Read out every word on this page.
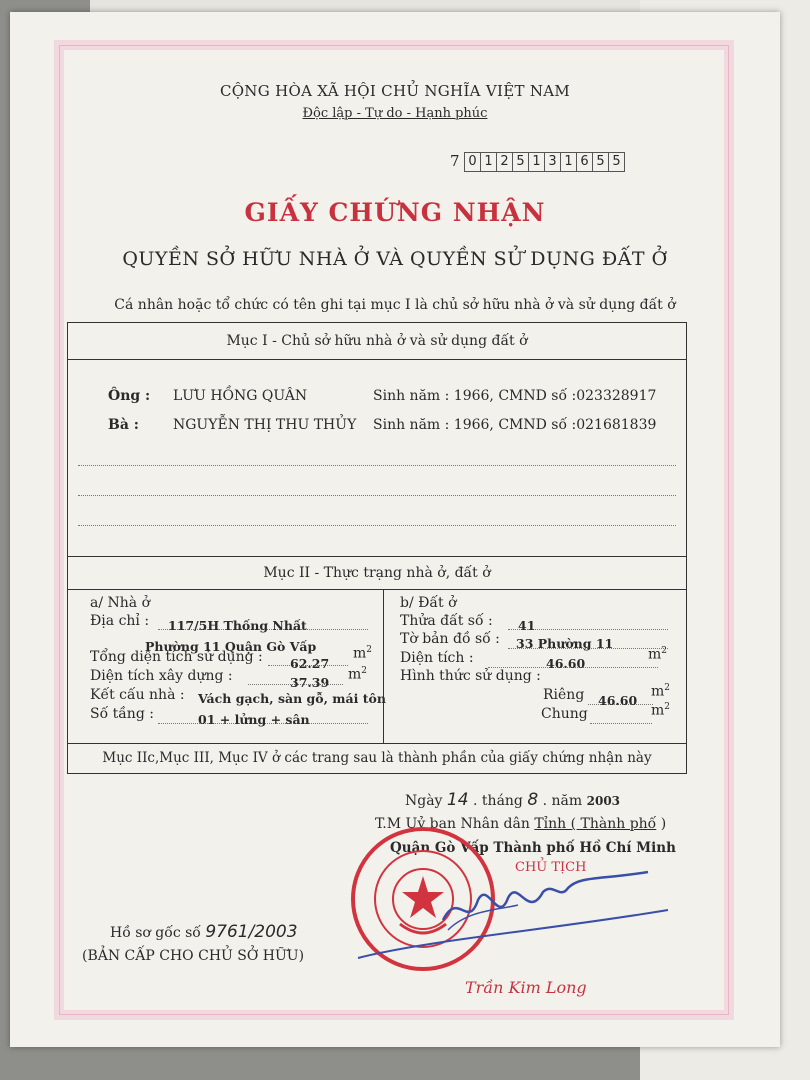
CỘNG HÒA XÃ HỘI CHỦ NGHĨA VIỆT NAM
Độc lập - Tự do - Hạnh phúc
7 0 1 2 5 1 3 1 6 5 5
GIẤY CHỨNG NHẬN
QUYỀN SỞ HỮU NHÀ Ở VÀ QUYỀN SỬ DỤNG ĐẤT Ở
Cá nhân hoặc tổ chức có tên ghi tại mục I là chủ sở hữu nhà ở và sử dụng đất ở
Mục I - Chủ sở hữu nhà ở và sử dụng đất ở
Ông : LƯU HỒNG QUÂN	Sinh năm : 1966, CMND số :023328917
Bà : NGUYỄN THỊ THU THỦY Sinh năm : 1966, CMND số :021681839
Mục II - Thực trạng nhà ở, đất ở
a/ Nhà ở
Địa chỉ : 117/5H Thống Nhất
Phường 11 Quận Gò Vấp
Tổng diện tích sử dụng : 62.27
$m^2$
Diện tích xây dựng :	37.39 $m^2$
Kết cấu nhà : Vách gạch, sàn gỗ, mái tôn
Số tầng :	01 + lửng + sân
b/ Đất ở
Thửa đất số : 41
Tờ bản đồ số : 33 Phường 11
Diện tích :	46.60
$m^2$
Hình thức sử dụng :
Riêng 46.60
$m^2$
Chung	$m^2$
Mục IIc,Mục III, Mục IV ở các trang sau là thành phần của giấy chứng nhận này
Ngày 14 . tháng 8 . năm 2003
T.M Uỷ ban Nhân dân Tỉnh ( Thành phố )
Quận Gò Vấp Thành phố Hồ Chí Minh
CHỦ TỊCH
Trần Kim Long
Hồ sơ gốc số 9761/2003
(BẢN CẤP CHO CHỦ SỞ HỮU)
